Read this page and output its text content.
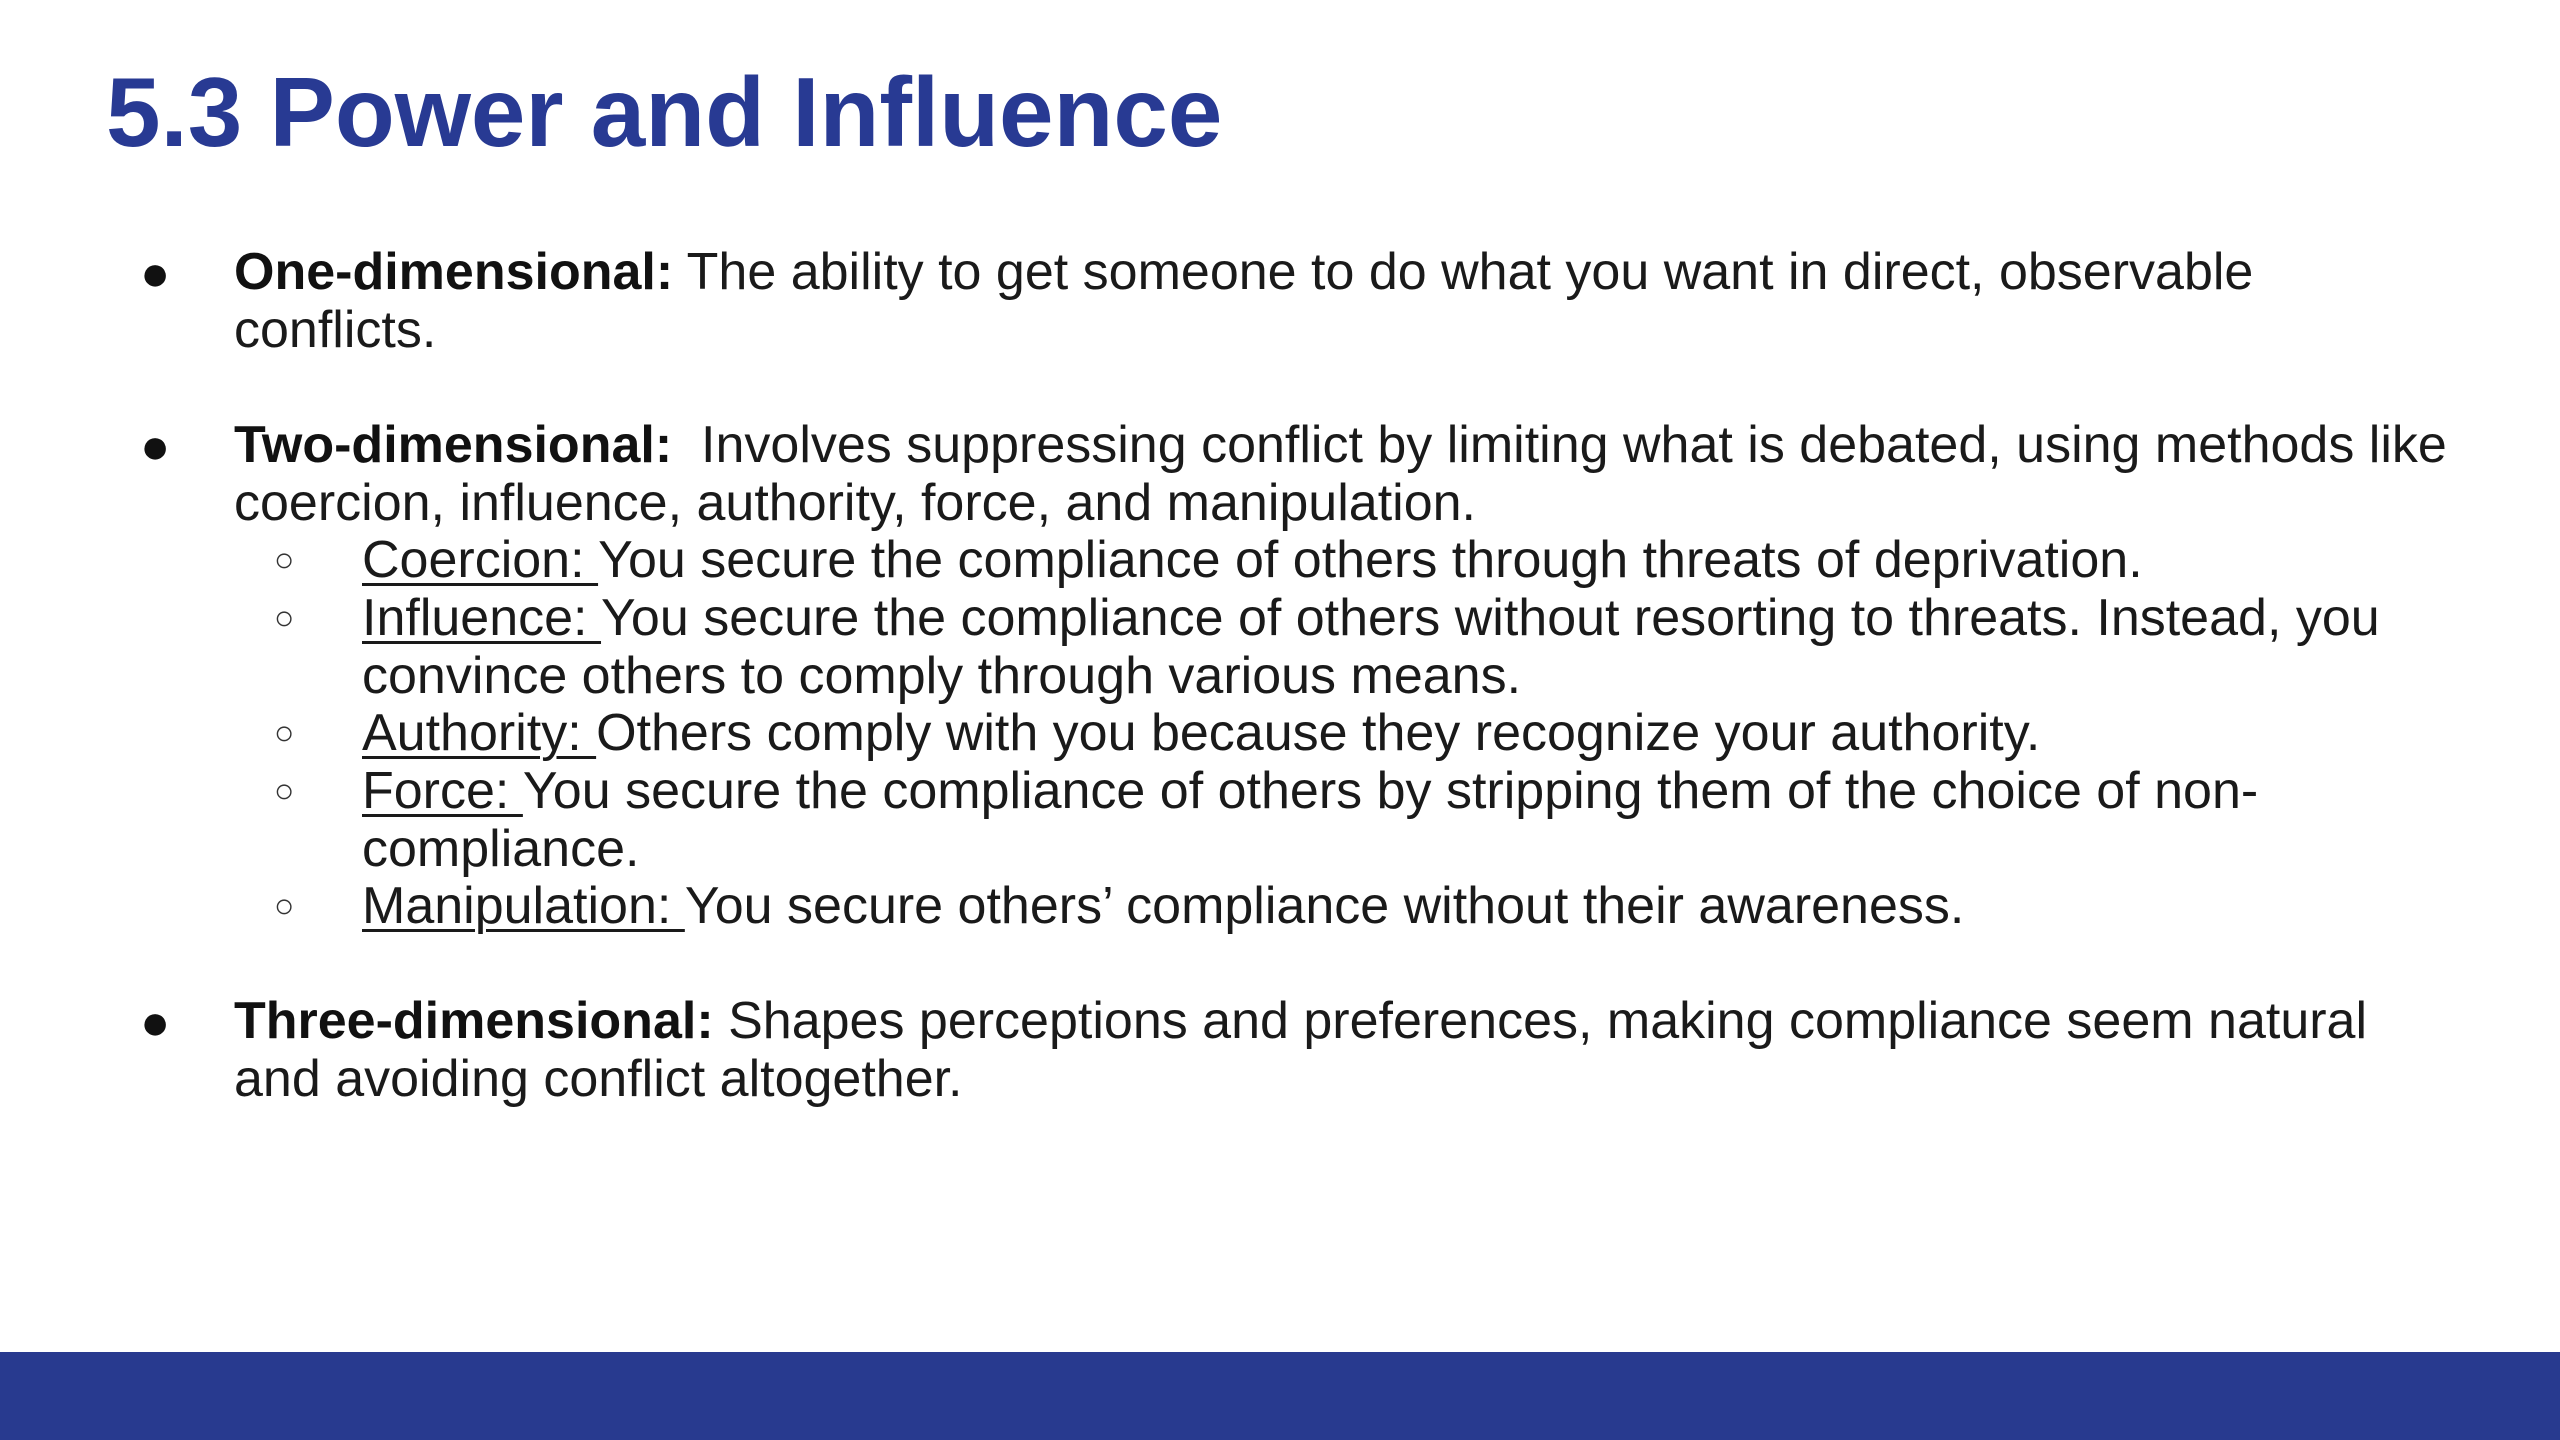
5.3 Power and Influence
● One-dimensional: The ability to get someone to do what you want in direct, observable conflicts.
● Two-dimensional:  Involves suppressing conflict by limiting what is debated, using methods like coercion, influence, authority, force, and manipulation.
○ Coercion: You secure the compliance of others through threats of deprivation.
○ Influence: You secure the compliance of others without resorting to threats. Instead, you convince others to comply through various means.
○ Authority: Others comply with you because they recognize your authority.
○ Force: You secure the compliance of others by stripping them of the choice of non-compliance.
○ Manipulation: You secure others’ compliance without their awareness.
● Three-dimensional: Shapes perceptions and preferences, making compliance seem natural and avoiding conflict altogether.
